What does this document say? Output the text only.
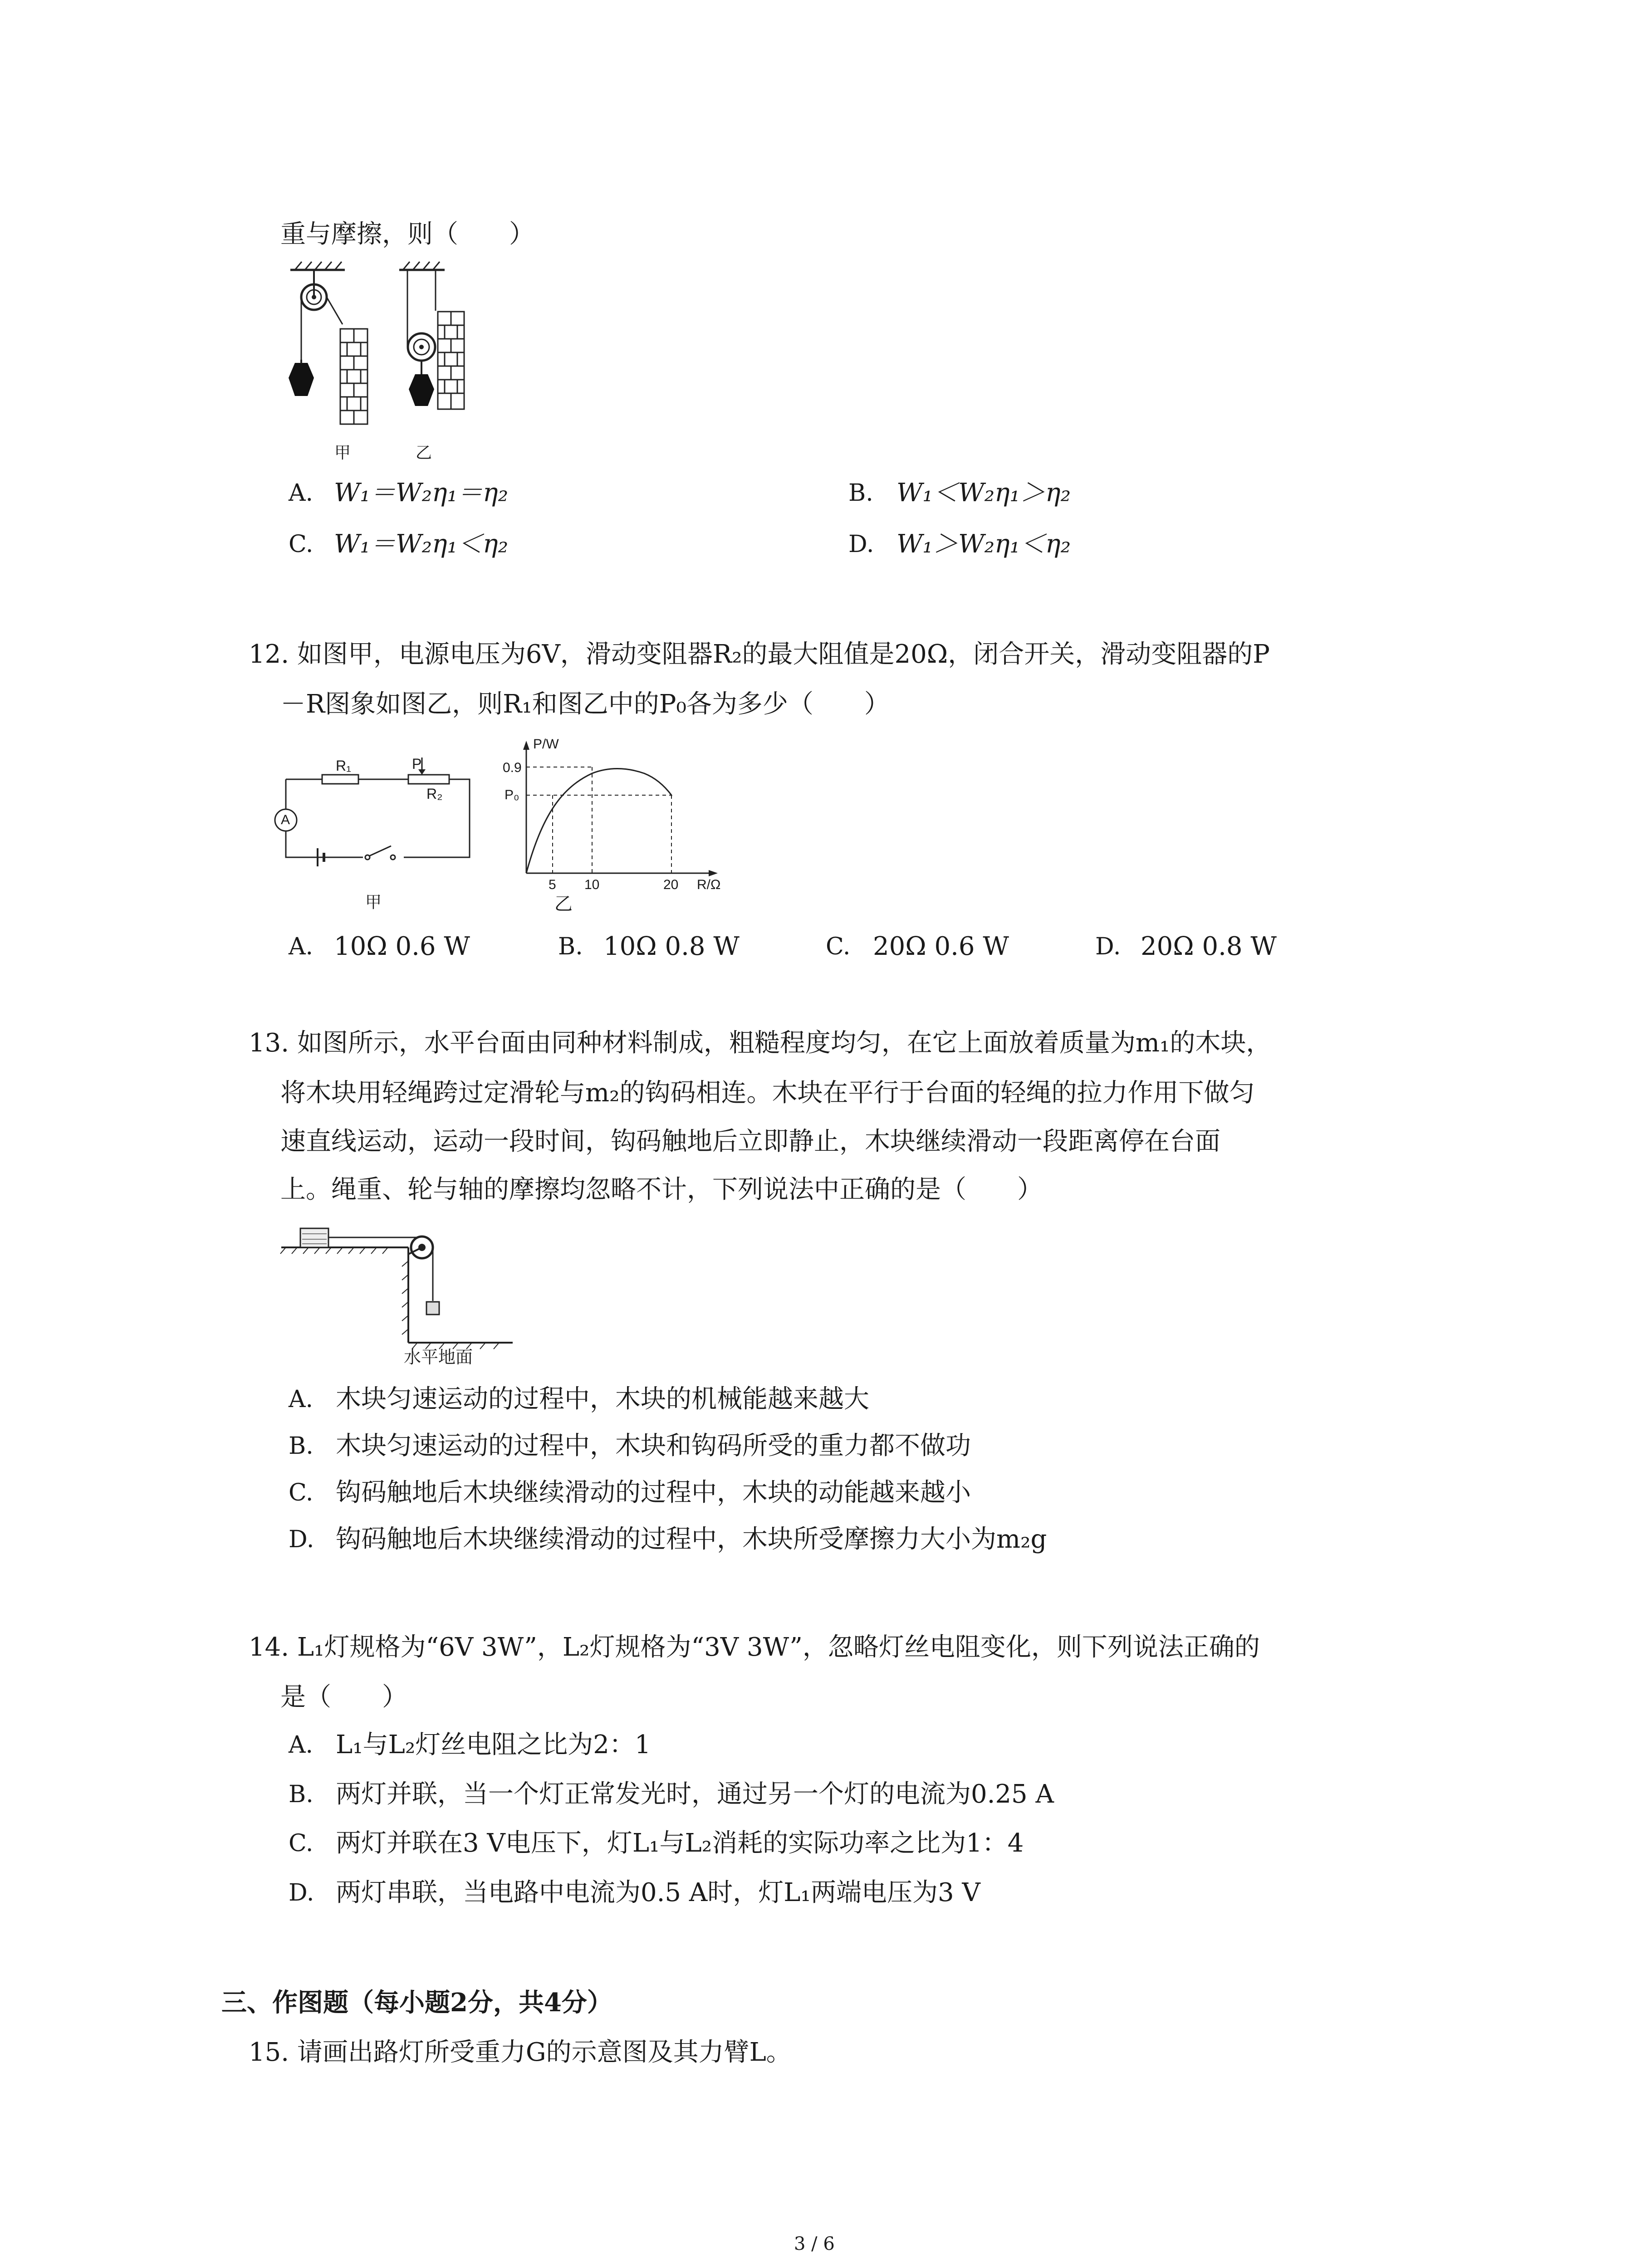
重与摩擦，则（　　）
甲	乙
A. W₁＝W₂η₁＝η₂	B. W₁＜W₂η₁＞η₂
C. W₁＝W₂η₁＜η₂	D. W₁＞W₂η₁＜η₂
12. 如图甲，电源电压为6V，滑动变阻器R₂的最大阻值是20Ω，闭合开关，滑动变阻器的P
－R图象如图乙，则R₁和图乙中的P₀各为多少（　　）
R₁	P
R₂
A
甲
P/W
0.9
P₀
5 10	20 R/Ω
乙
A. 10Ω 0.6 W	B. 10Ω 0.8 W	C. 20Ω 0.6 W	D. 20Ω 0.8 W
13. 如图所示，水平台面由同种材料制成，粗糙程度均匀，在它上面放着质量为m₁的木块，
将木块用轻绳跨过定滑轮与m₂的钩码相连。木块在平行于台面的轻绳的拉力作用下做匀
速直线运动，运动一段时间，钩码触地后立即静止，木块继续滑动一段距离停在台面
上。绳重、轮与轴的摩擦均忽略不计，下列说法中正确的是（　　）
水平地面
A. 木块匀速运动的过程中，木块的机械能越来越大
B. 木块匀速运动的过程中，木块和钩码所受的重力都不做功
C. 钩码触地后木块继续滑动的过程中，木块的动能越来越小
D. 钩码触地后木块继续滑动的过程中，木块所受摩擦力大小为m₂g
14. L₁灯规格为“6V 3W”，L₂灯规格为“3V 3W”，忽略灯丝电阻变化，则下列说法正确的
是（　　）
A. L₁与L₂灯丝电阻之比为2：1
B. 两灯并联，当一个灯正常发光时，通过另一个灯的电流为0.25 A
C. 两灯并联在3 V电压下，灯L₁与L₂消耗的实际功率之比为1：4
D. 两灯串联，当电路中电流为0.5 A时，灯L₁两端电压为3 V
三、作图题（每小题2分，共4分）
15. 请画出路灯所受重力G的示意图及其力臂L。
3 / 6
